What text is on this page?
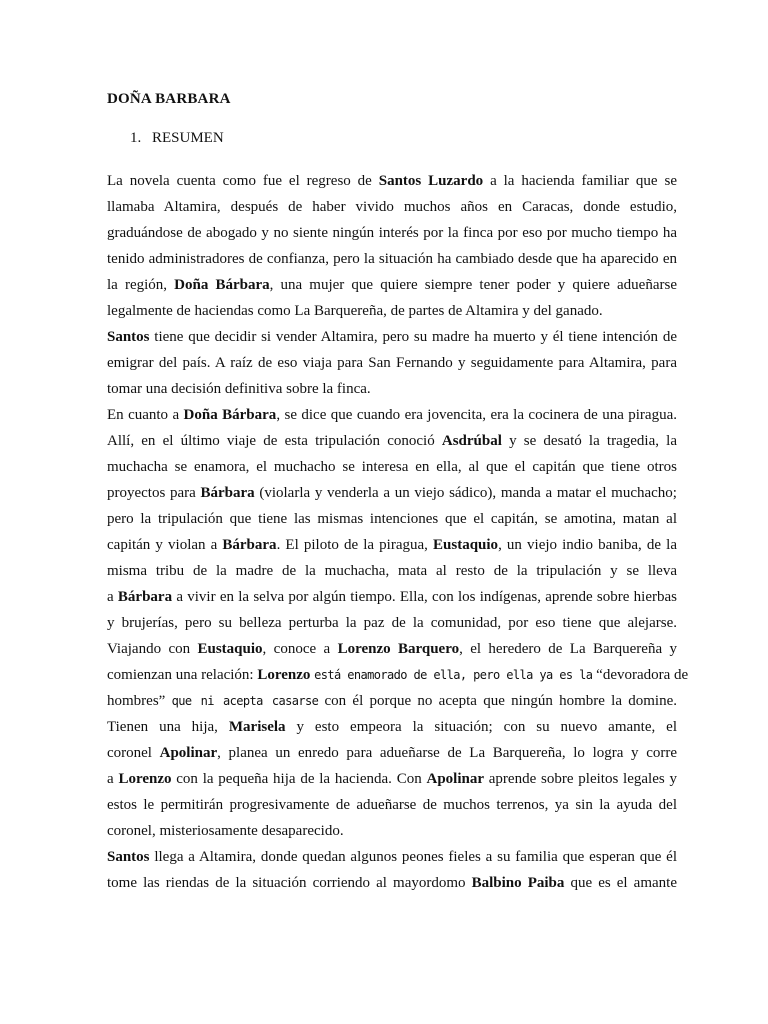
DOÑA BARBARA
1. RESUMEN
La novela cuenta como fue el regreso de Santos Luzardo a la hacienda familiar que se
llamaba Altamira, después de haber vivido muchos años en Caracas, donde estudio,
graduándose de abogado y no siente ningún interés por la finca por eso por mucho tiempo ha
tenido administradores de confianza, pero la situación ha cambiado desde que ha aparecido en
la región, Doña Bárbara, una mujer que quiere siempre tener poder y quiere adueñarse
legalmente de haciendas como La Barquereña, de partes de Altamira y del ganado.
Santos tiene que decidir si vender Altamira, pero su madre ha muerto y él tiene intención de
emigrar del país. A raíz de eso viaja para San Fernando y seguidamente para Altamira, para
tomar una decisión definitiva sobre la finca.
En cuanto a Doña Bárbara, se dice que cuando era jovencita, era la cocinera de una piragua.
Allí, en el último viaje de esta tripulación conoció Asdrúbal y se desató la tragedia, la
muchacha se enamora, el muchacho se interesa en ella, al que el capitán que tiene otros
proyectos para Bárbara (violarla y venderla a un viejo sádico), manda a matar el muchacho;
pero la tripulación que tiene las mismas intenciones que el capitán, se amotina, matan al
capitán y violan a Bárbara. El piloto de la piragua, Eustaquio, un viejo indio baniba, de la
misma tribu de la madre de la muchacha, mata al resto de la tripulación y se lleva
a Bárbara a vivir en la selva por algún tiempo. Ella, con los indígenas, aprende sobre hierbas
y brujerías, pero su belleza perturba la paz de la comunidad, por eso tiene que alejarse.
Viajando con Eustaquio, conoce a Lorenzo Barquero, el heredero de La Barquereña y
comienzan una relación: Lorenzo está enamorado de ella, pero ella ya es la “devoradora de
hombres” que ni acepta casarse con él porque no acepta que ningún hombre la domine.
Tienen una hija, Marisela y esto empeora la situación; con su nuevo amante, el
coronel Apolinar, planea un enredo para adueñarse de La Barquereña, lo logra y corre
a Lorenzo con la pequeña hija de la hacienda. Con Apolinar aprende sobre pleitos legales y
estos le permitirán progresivamente de adueñarse de muchos terrenos, ya sin la ayuda del
coronel, misteriosamente desaparecido.
Santos llega a Altamira, donde quedan algunos peones fieles a su familia que esperan que él
tome las riendas de la situación corriendo al mayordomo Balbino Paiba que es el amante
